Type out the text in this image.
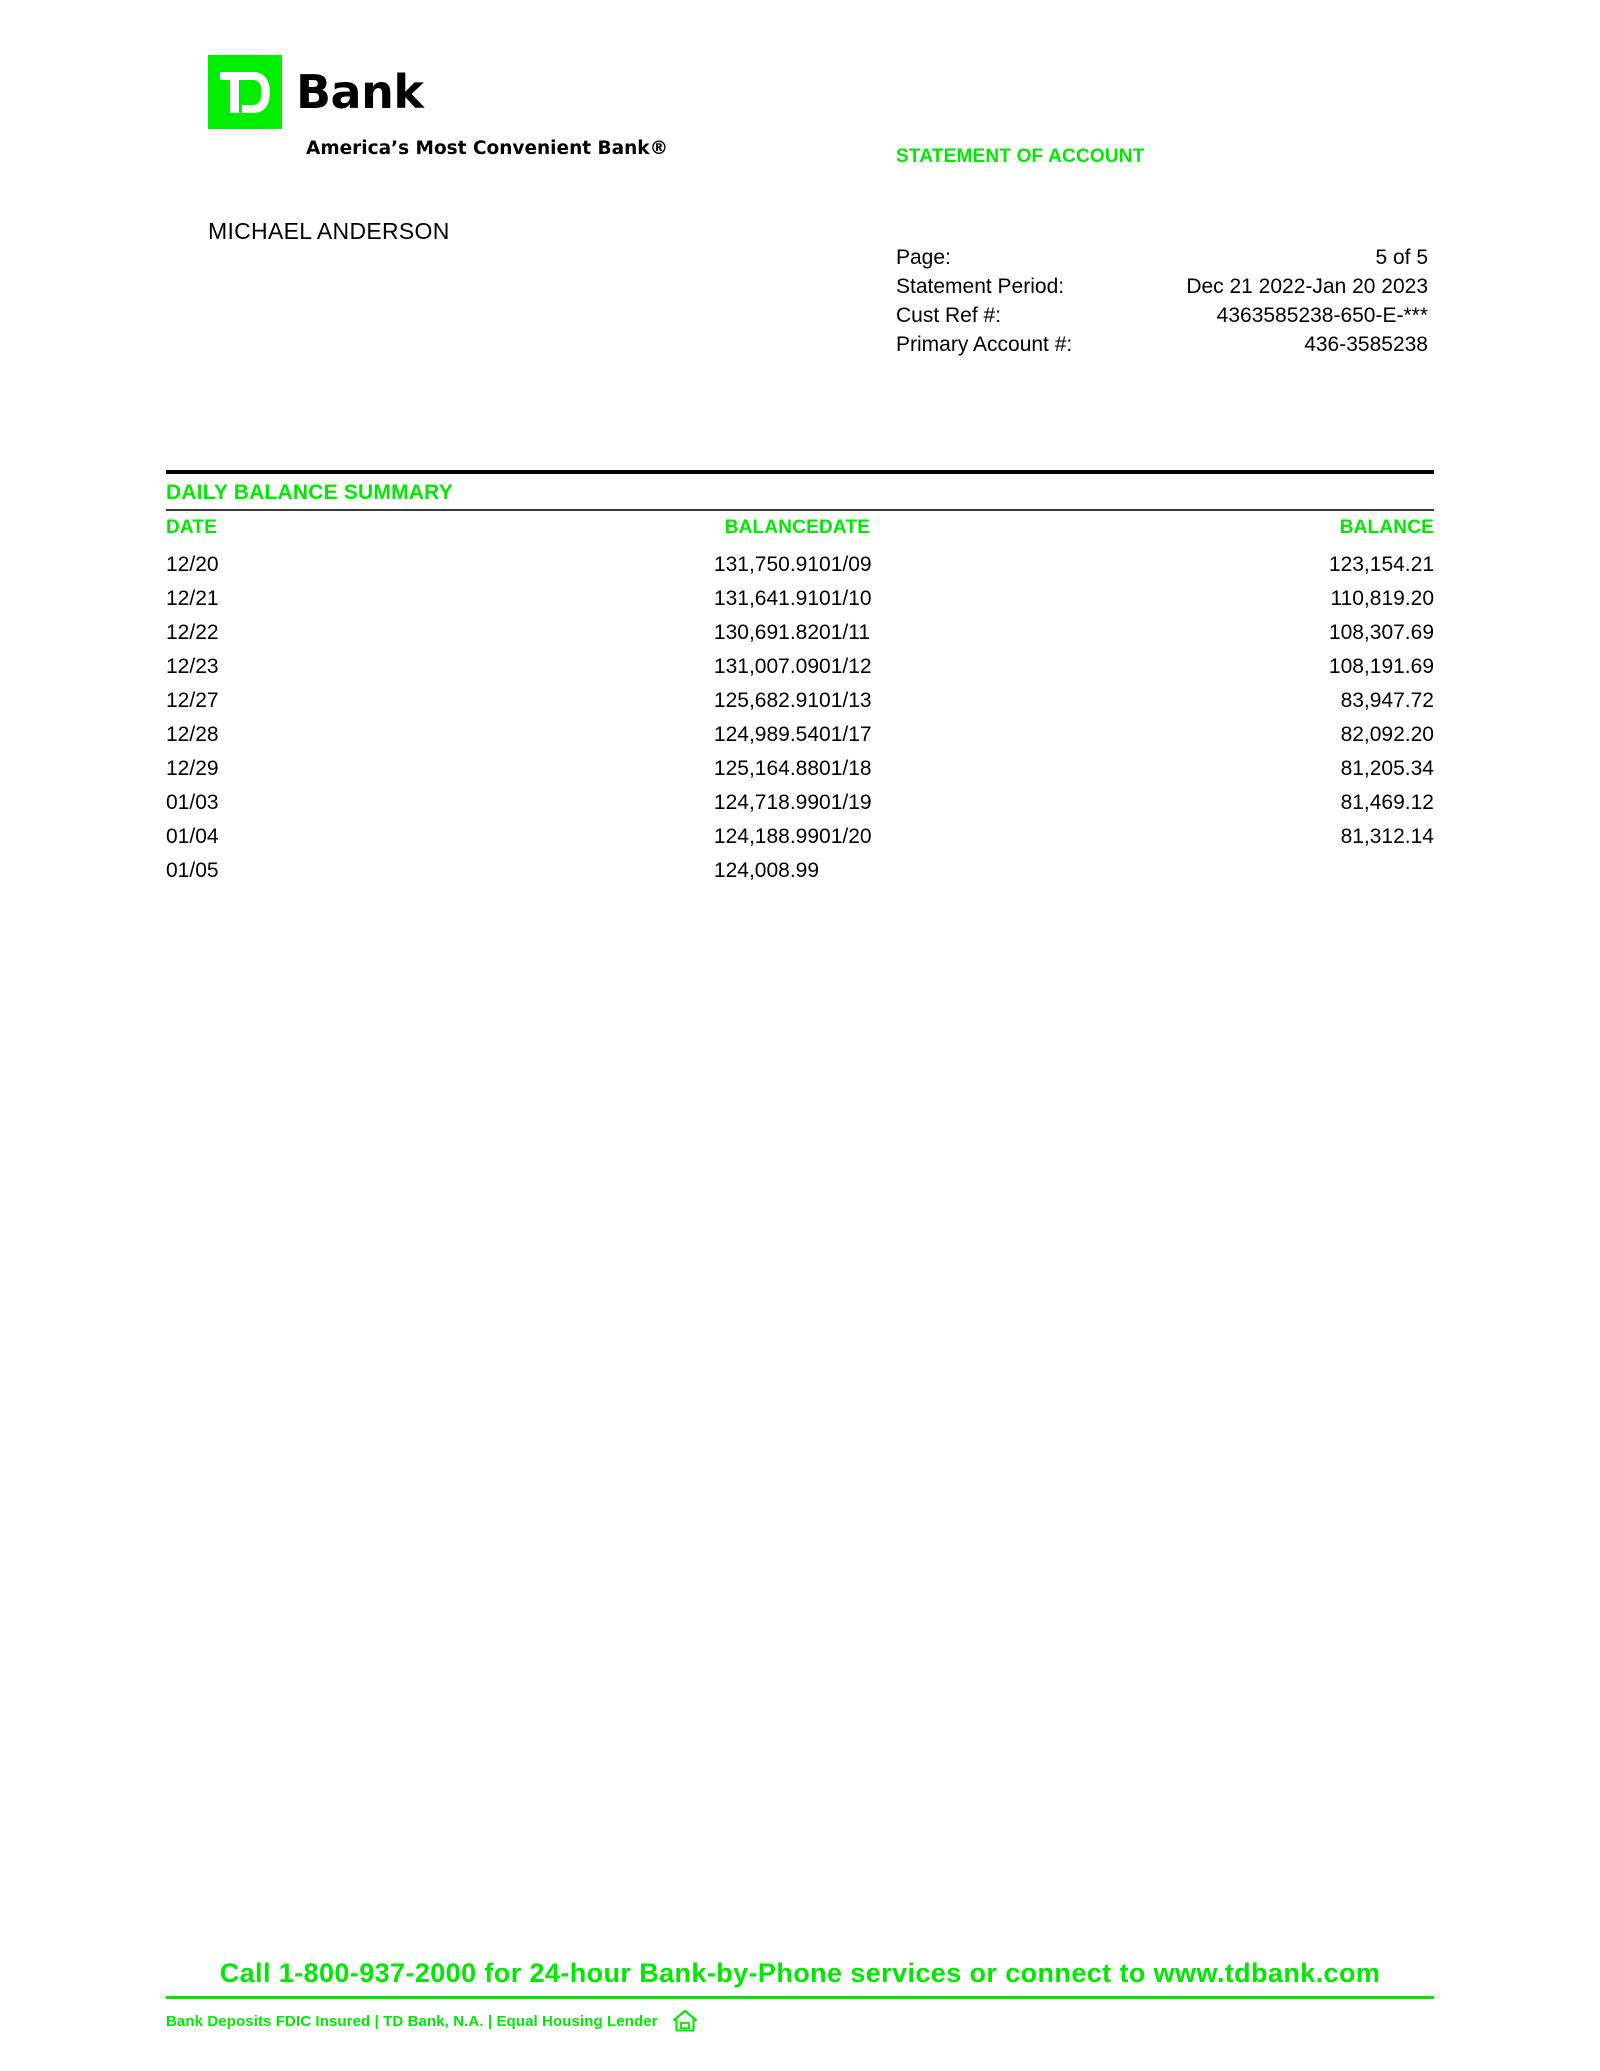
Bank
America’s Most Convenient Bank®
MICHAEL ANDERSON
STATEMENT OF ACCOUNT
Page:	5 of 5
Statement Period:	Dec 21 2022-Jan 20 2023
Cust Ref #:	4363585238-650-E-***
Primary Account #:	436-3585238
DAILY BALANCE SUMMARY
DATE	BALANCE	DATE	BALANCE
12/20	131,750.91	01/09	123,154.21
12/21	131,641.91	01/10	110,819.20
12/22	130,691.82	01/11	108,307.69
12/23	131,007.09	01/12	108,191.69
12/27	125,682.91	01/13	83,947.72
12/28	124,989.54	01/17	82,092.20
12/29	125,164.88	01/18	81,205.34
01/03	124,718.99	01/19	81,469.12
01/04	124,188.99	01/20	81,312.14
01/05	124,008.99		
Call 1-800-937-2000 for 24-hour Bank-by-Phone services or connect to www.tdbank.com
Bank Deposits FDIC Insured | TD Bank, N.A. | Equal Housing Lender
